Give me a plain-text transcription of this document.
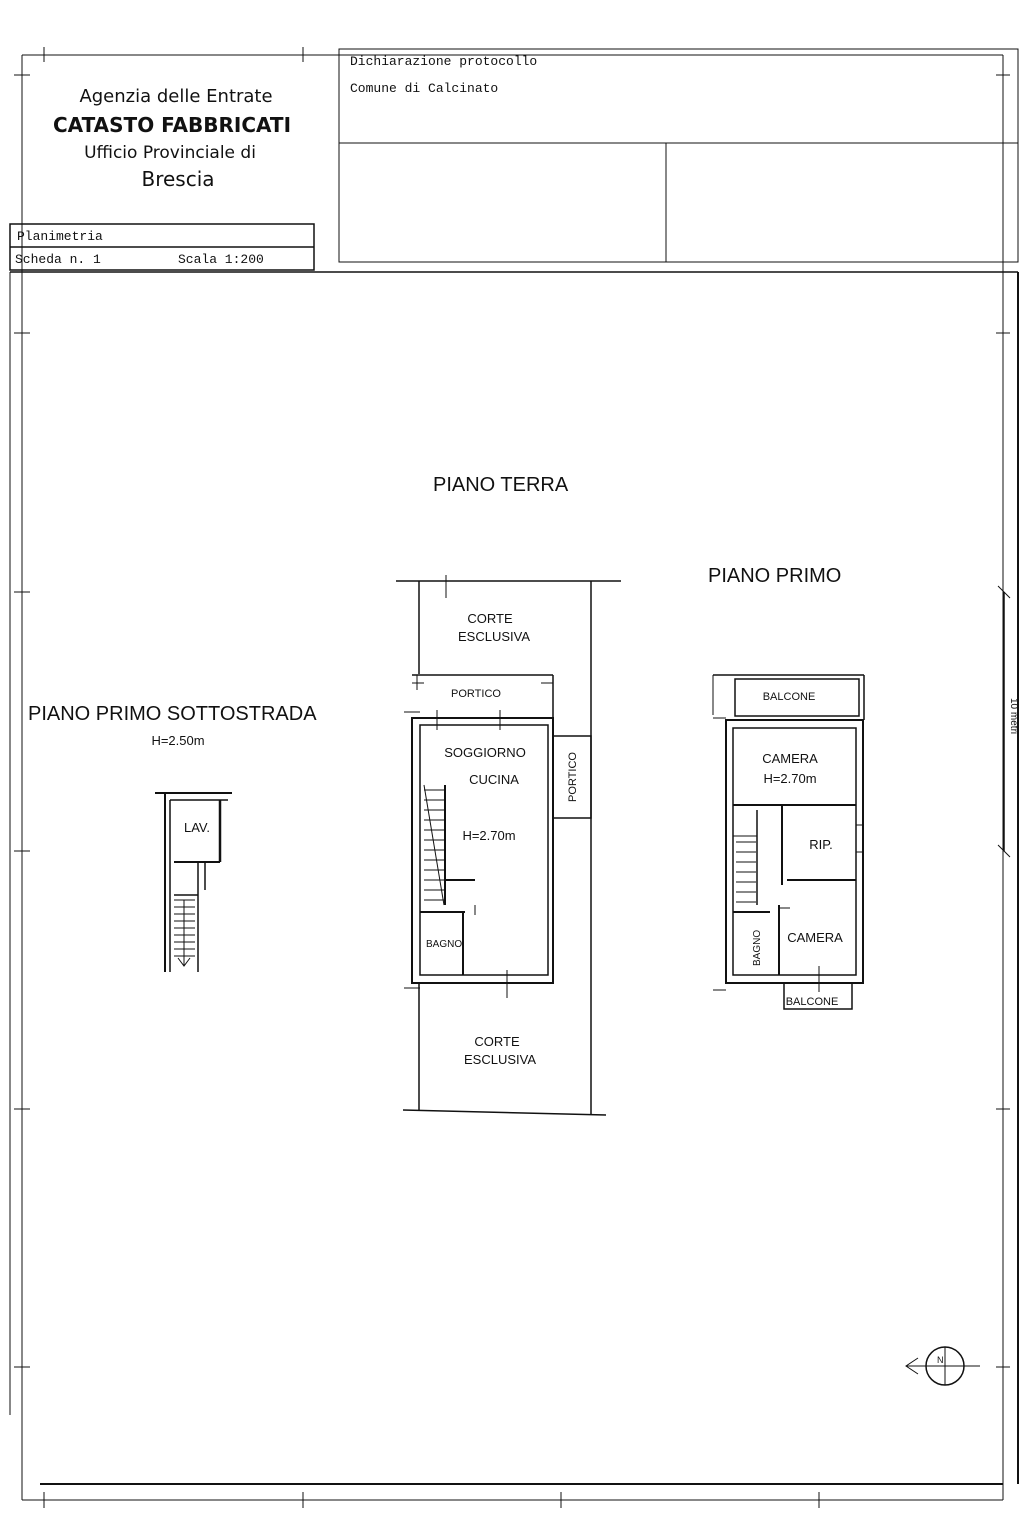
Agenzia delle Entrate
CATASTO FABBRICATI
Ufficio Provinciale di
Brescia
Dichiarazione protocollo
Comune di Calcinato
Planimetria
Scheda n. 1	Scala 1:200
PIANO PRIMO SOTTOSTRADA
H=2.50m
LAV.
PIANO TERRA
CORTE
ESCLUSIVA
PORTICO
SOGGIORNO
CUCINA
H=2.70m
PORTICO
BAGNO
CORTE
ESCLUSIVA
PIANO PRIMO
BALCONE
CAMERA
H=2.70m
RIP.
BAGNO CAMERA
BALCONE
10 metri
N
